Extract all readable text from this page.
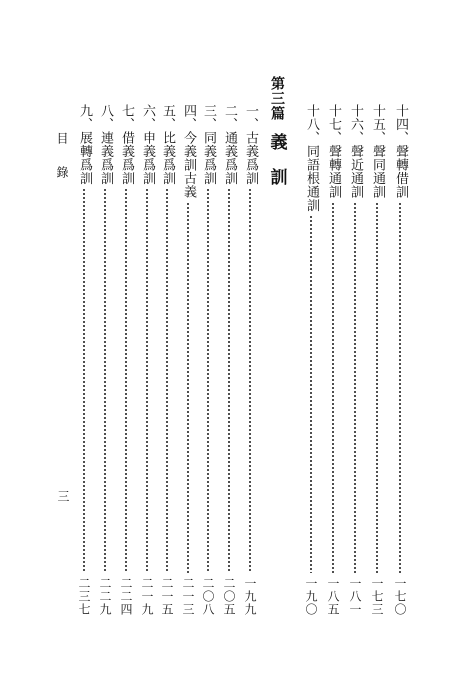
十四、聲轉借訓
一七〇
十五、聲同通訓
一七三
十六、聲近通訓
一八一
十七、聲轉通訓
一八五
十八、同語根通訓
一九〇
第三篇
義訓
一、古義爲訓
一九九
二、通義爲訓
二〇五
三、同義爲訓
二〇八
四、今義訓古義
二一三
五、比義爲訓
二一五
六、申義爲訓
二一九
七、借義爲訓
二二四
八、連義爲訓
二二九
九、展轉爲訓
二三七
目錄
三
